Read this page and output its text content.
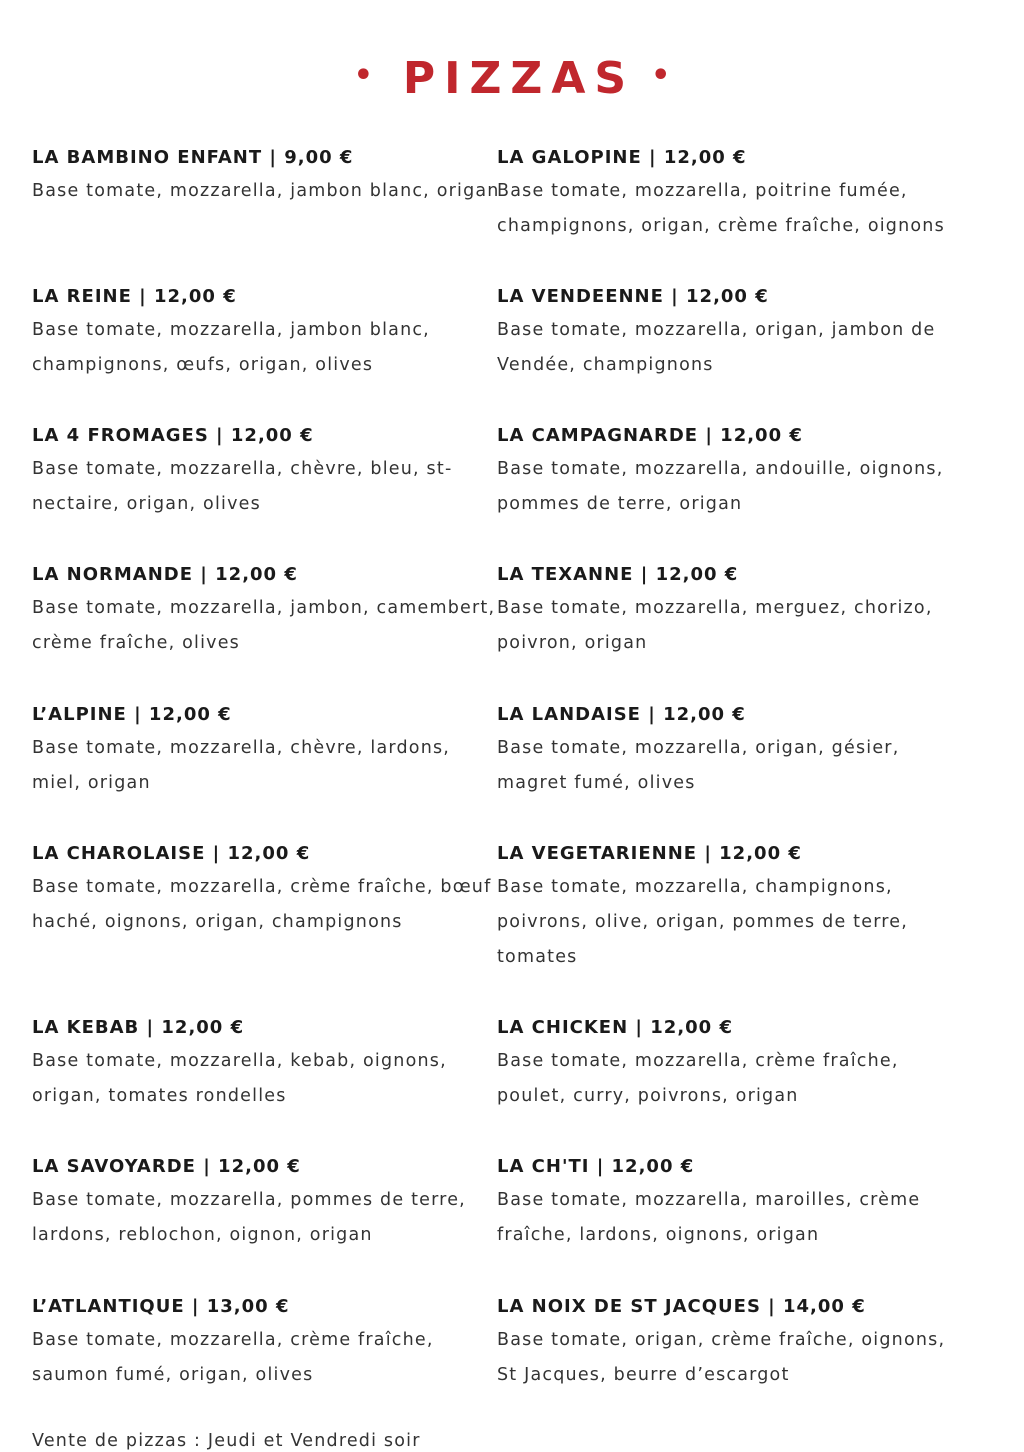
• PIZZAS •
LA BAMBINO ENFANT | 9,00 €
Base tomate, mozzarella, jambon blanc, origan
LA REINE | 12,00 €
Base tomate, mozzarella, jambon blanc, champignons, œufs, origan, olives
LA 4 FROMAGES | 12,00 €
Base tomate, mozzarella, chèvre, bleu, st-nectaire, origan, olives
LA NORMANDE | 12,00 €
Base tomate, mozzarella, jambon, camembert, crème fraîche, olives
L’ALPINE | 12,00 €
Base tomate, mozzarella, chèvre, lardons, miel, origan
LA CHAROLAISE | 12,00 €
Base tomate, mozzarella, crème fraîche, bœuf haché, oignons, origan, champignons
LA KEBAB | 12,00 €
Base tomate, mozzarella, kebab, oignons, origan, tomates rondelles
LA SAVOYARDE | 12,00 €
Base tomate, mozzarella, pommes de terre, lardons, reblochon, oignon, origan
L’ATLANTIQUE | 13,00 €
Base tomate, mozzarella, crème fraîche, saumon fumé, origan, olives
LA GALOPINE | 12,00 €
Base tomate, mozzarella, poitrine fumée, champignons, origan, crème fraîche, oignons
LA VENDEENNE | 12,00 €
Base tomate, mozzarella, origan, jambon de Vendée, champignons
LA CAMPAGNARDE | 12,00 €
Base tomate, mozzarella, andouille, oignons, pommes de terre, origan
LA TEXANNE | 12,00 €
Base tomate, mozzarella, merguez, chorizo, poivron, origan
LA LANDAISE | 12,00 €
Base tomate, mozzarella, origan, gésier, magret fumé, olives
LA VEGETARIENNE | 12,00 €
Base tomate, mozzarella, champignons, poivrons, olive, origan, pommes de terre, tomates
LA CHICKEN | 12,00 €
Base tomate, mozzarella, crème fraîche, poulet, curry, poivrons, origan
LA CH'TI | 12,00 €
Base tomate, mozzarella, maroilles, crème fraîche, lardons, oignons, origan
LA NOIX DE ST JACQUES | 14,00 €
Base tomate, origan, crème fraîche, oignons, St Jacques, beurre d’escargot
Vente de pizzas : Jeudi et Vendredi soir
